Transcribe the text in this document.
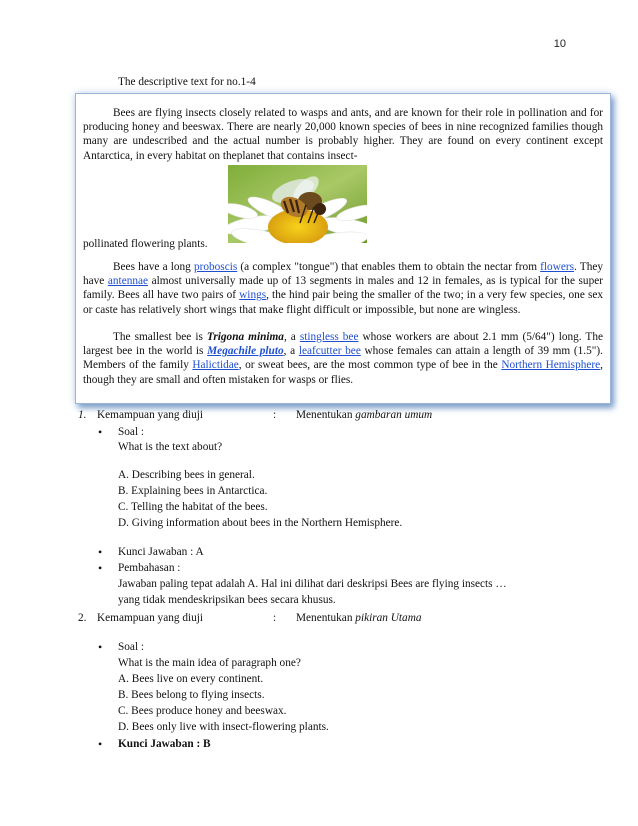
10
The descriptive text for no.1-4

Bees are flying insects closely related to wasps and ants, and are known for their role in pollination and for producing honey and beeswax. There are nearly 20,000 known species of bees in nine recognized families though many are undescribed and the actual number is probably higher. They are found on every continent except Antarctica, in every habitat on theplanet that contains insect-

pollinated flowering plants.

Bees have a long proboscis (a complex "tongue") that enables them to obtain the nectar from flowers. They have antennae almost universally made up of 13 segments in males and 12 in females, as is typical for the super family. Bees all have two pairs of wings, the hind pair being the smaller of the two; in a very few species, one sex or caste has relatively short wings that make flight difficult or impossible, but none are wingless.

The smallest bee is Trigona minima, a stingless bee whose workers are about 2.1 mm (5/64") long. The largest bee in the world is Megachile pluto, a leafcutter bee whose females can attain a length of 39 mm (1.5"). Members of the family Halictidae, or sweat bees, are the most common type of bee in the Northern Hemisphere, though they are small and often mistaken for wasps or flies.

1. Kemampuan yang diuji	: Menentukan gambaran umum
• Soal :
What is the text about?
A. Describing bees in general.
B. Explaining bees in Antarctica.
C. Telling the habitat of the bees.
D. Giving information about bees in the Northern Hemisphere.
• Kunci Jawaban : A
• Pembahasan :
Jawaban paling tepat adalah A. Hal ini dilihat dari deskripsi Bees are flying insects …
yang tidak mendeskripsikan bees secara khusus.
2. Kemampuan yang diuji	: Menentukan pikiran Utama
• Soal :
What is the main idea of paragraph one?
A. Bees live on every continent.
B. Bees belong to flying insects.
C. Bees produce honey and beeswax.
D. Bees only live with insect-flowering plants.
• Kunci Jawaban : B
